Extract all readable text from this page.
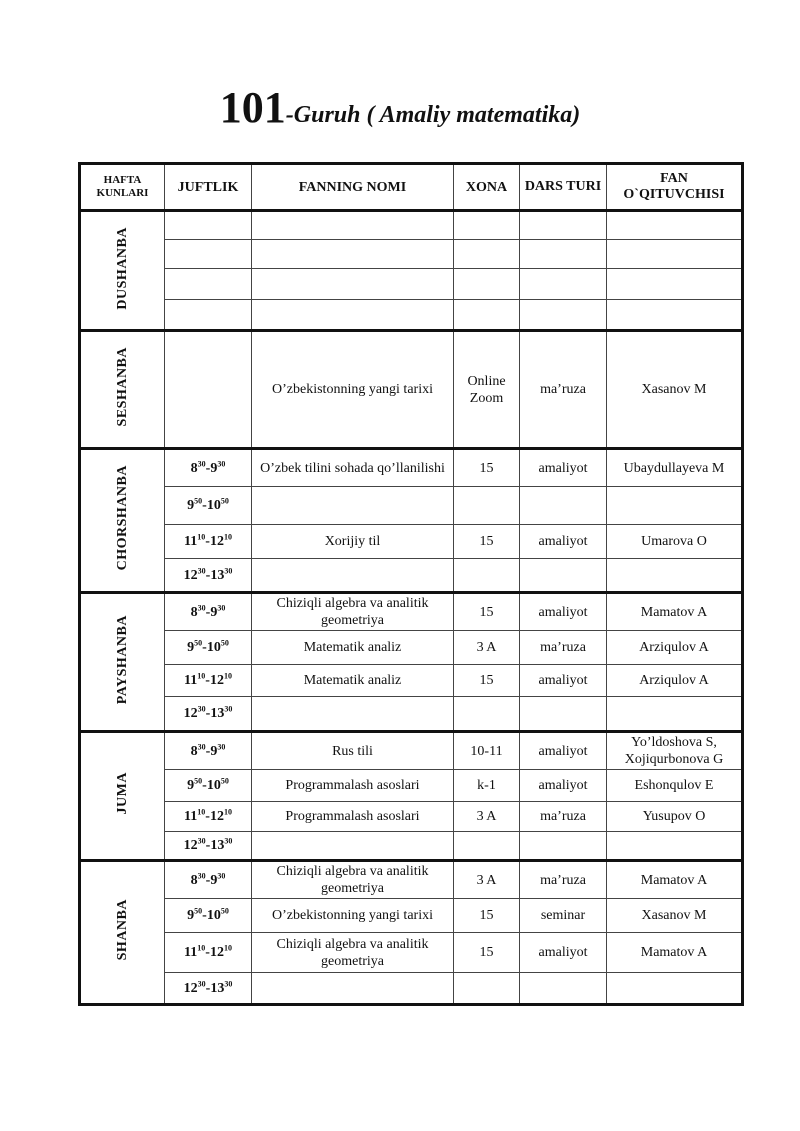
101-Guruh ( Amaliy matematika)
HAFTA KUNLARI	JUFTLIK	FANNING NOMI	XONA	DARS TURI	FAN O`QITUVCHISI
DUSHANBA					

SESHANBA		O’zbekistonning yangi tarixi	Online Zoom	ma’ruza	Xasanov M
CHORSHANBA	$8^{30}-9^{30}$	O’zbek tilini sohada qo’llanilishi	15	amaliyot	Ubaydullayeva M
	$9^{50}-10^{50}$				
	$11^{10}-12^{10}$	Xorijiy til	15	amaliyot	Umarova O
	$12^{30}-13^{30}$				
PAYSHANBA	$8^{30}-9^{30}$	Chiziqli algebra va analitik geometriya	15	amaliyot	Mamatov A
	$9^{50}-10^{50}$	Matematik analiz	3 A	ma’ruza	Arziqulov A
	$11^{10}-12^{10}$	Matematik analiz	15	amaliyot	Arziqulov A
	$12^{30}-13^{30}$				
JUMA	$8^{30}-9^{30}$	Rus tili	10-11	amaliyot	Yo’ldoshova S, Xojiqurbonova G
	$9^{50}-10^{50}$	Programmalash asoslari	k-1	amaliyot	Eshonqulov E
	$11^{10}-12^{10}$	Programmalash asoslari	3 A	ma’ruza	Yusupov O
	$12^{30}-13^{30}$				
SHANBA	$8^{30}-9^{30}$	Chiziqli algebra va analitik geometriya	3 A	ma’ruza	Mamatov A
	$9^{50}-10^{50}$	O’zbekistonning yangi tarixi	15	seminar	Xasanov M
	$11^{10}-12^{10}$	Chiziqli algebra va analitik geometriya	15	amaliyot	Mamatov A
	$12^{30}-13^{30}$				
